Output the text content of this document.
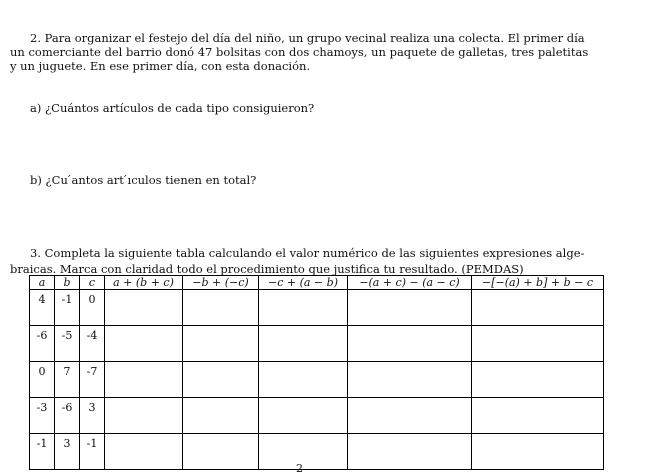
2. Para organizar el festejo del día del niño, un grupo vecinal realiza una colecta. El primer día
un comerciante del barrio donó 47 bolsitas con dos chamoys, un paquete de galletas, tres paletitas
y un juguete. En ese primer día, con esta donación.
a) ¿Cuántos artículos de cada tipo consiguieron?
b) ¿Cu ́antos art ́ıculos tienen en total?
3. Completa la siguiente tabla calculando el valor numérico de las siguientes expresiones alge-
braicas. Marca con claridad todo el procedimiento que justifica tu resultado. (PEMDAS)
a	b	c	a + (b + c)	−b + (−c)	−c + (a − b)	−(a + c) − (a − c)	−[−(a) + b] + b − c
4	-1	0					
-6	-5	-4					
0	7	-7					
-3	-6	3					
-1	3	-1					
2
